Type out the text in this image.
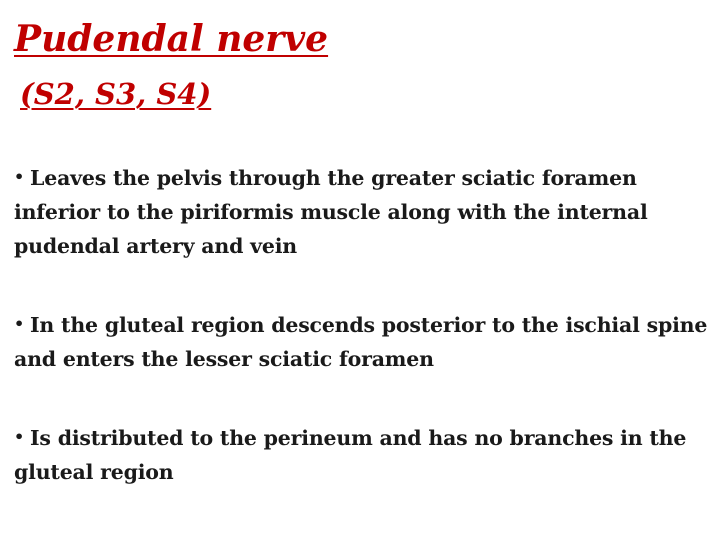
Pudendal nerve
(S2, S3, S4)
• Leaves the pelvis through the greater sciatic foramen inferior to the piriformis muscle along with the internal pudendal artery and vein
• In the gluteal region descends posterior to the ischial spine and enters the lesser sciatic foramen
• Is distributed to the perineum and has no branches in the gluteal region
